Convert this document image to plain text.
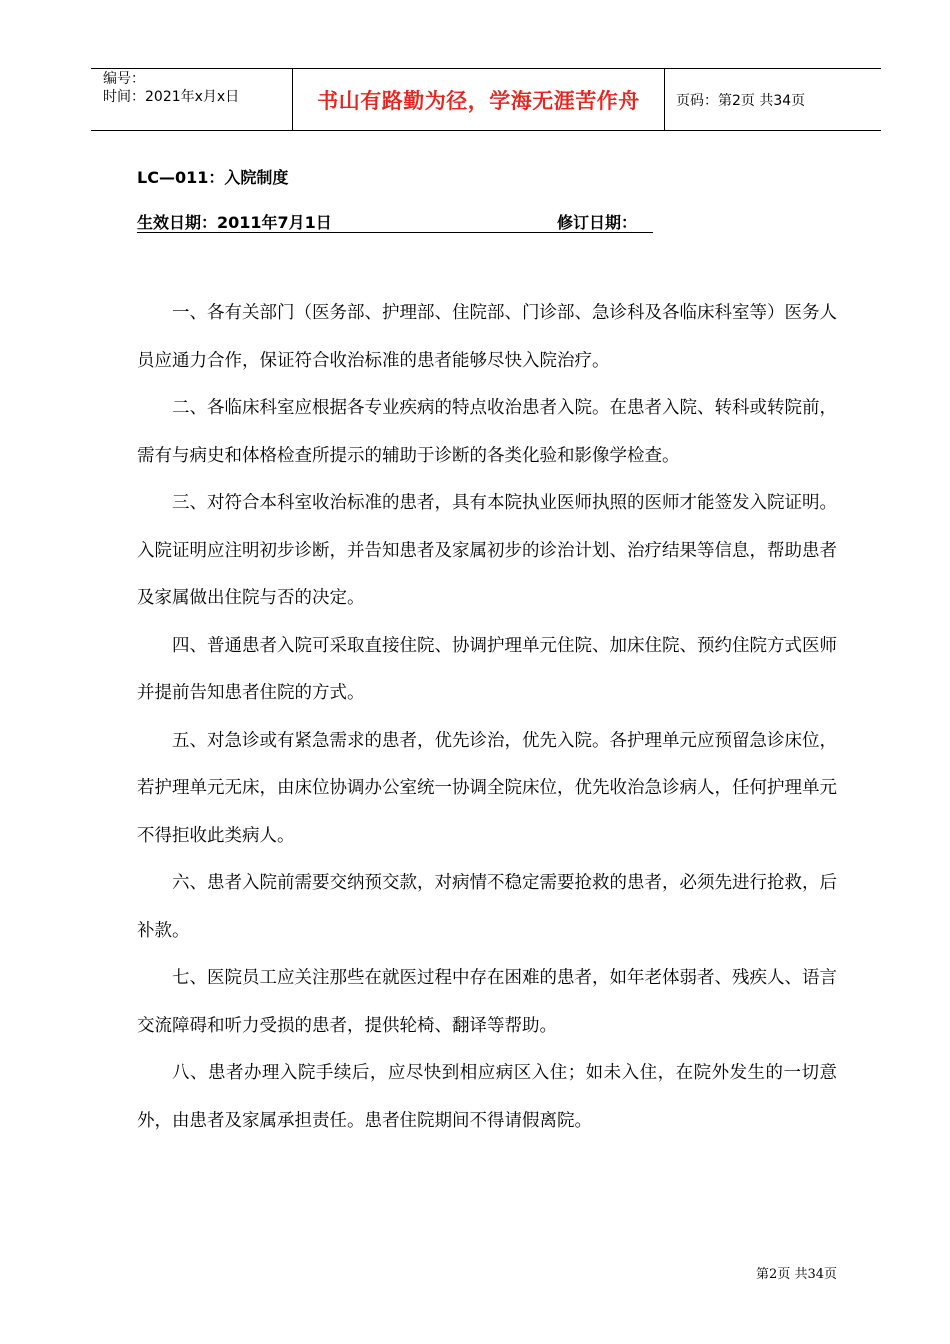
编号：
时间：2021年x月x日	书山有路勤为径，学海无涯苦作舟	页码：第2页 共34页
LC—011：入院制度
生效日期：2011年7月1日	修订日期：

一、各有关部门（医务部、护理部、住院部、门诊部、急诊科及各临床科室等）医务人员应通力合作，保证符合收治标准的患者能够尽快入院治疗。

二、各临床科室应根据各专业疾病的特点收治患者入院。在患者入院、转科或转院前，需有与病史和体格检查所提示的辅助于诊断的各类化验和影像学检查。

三、对符合本科室收治标准的患者，具有本院执业医师执照的医师才能签发入院证明。入院证明应注明初步诊断，并告知患者及家属初步的诊治计划、治疗结果等信息，帮助患者及家属做出住院与否的决定。

四、普通患者入院可采取直接住院、协调护理单元住院、加床住院、预约住院方式医师并提前告知患者住院的方式。

五、对急诊或有紧急需求的患者，优先诊治，优先入院。各护理单元应预留急诊床位，若护理单元无床，由床位协调办公室统一协调全院床位，优先收治急诊病人，任何护理单元不得拒收此类病人。

六、患者入院前需要交纳预交款，对病情不稳定需要抢救的患者，必须先进行抢救，后补款。

七、医院员工应关注那些在就医过程中存在困难的患者，如年老体弱者、残疾人、语言交流障碍和听力受损的患者，提供轮椅、翻译等帮助。

八、患者办理入院手续后，应尽快到相应病区入住；如未入住，在院外发生的一切意外，由患者及家属承担责任。患者住院期间不得请假离院。

第2页 共34页
